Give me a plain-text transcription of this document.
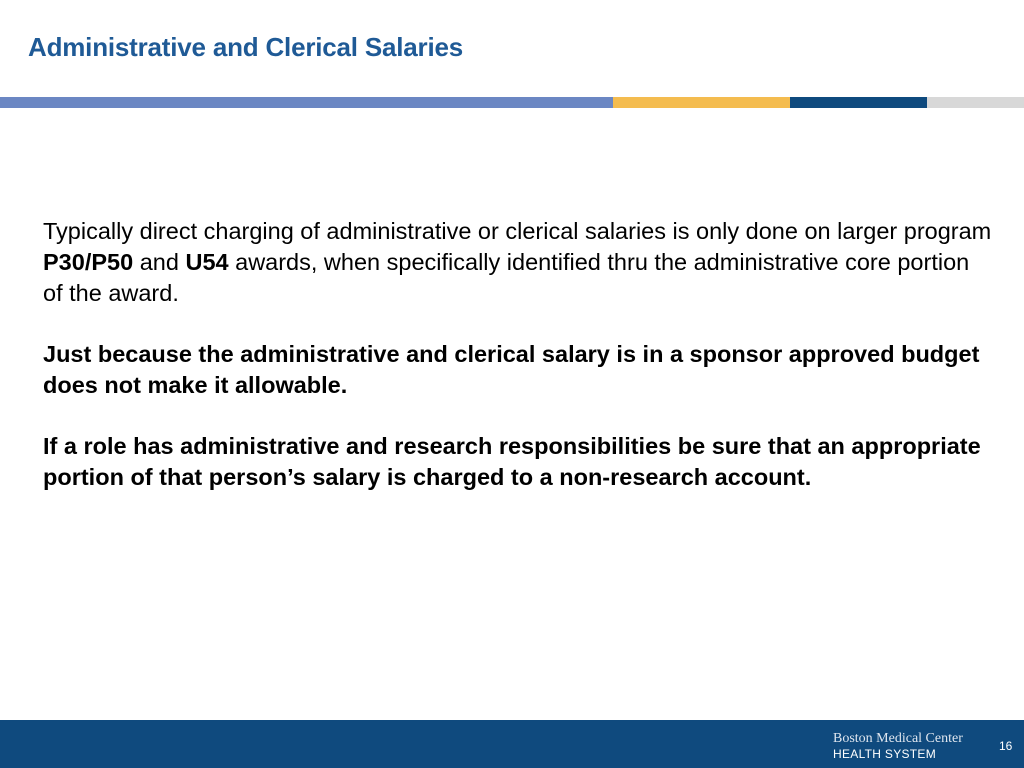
Administrative and Clerical Salaries

Typically direct charging of administrative or clerical salaries is only done on larger program P30/P50 and U54 awards, when specifically identified thru the administrative core portion of the award.

Just because the administrative and clerical salary is in a sponsor approved budget does not make it allowable.

If a role has administrative and research responsibilities be sure that an appropriate portion of that person’s salary is charged to a non-research account.

Boston Medical Center
HEALTH SYSTEM
16
